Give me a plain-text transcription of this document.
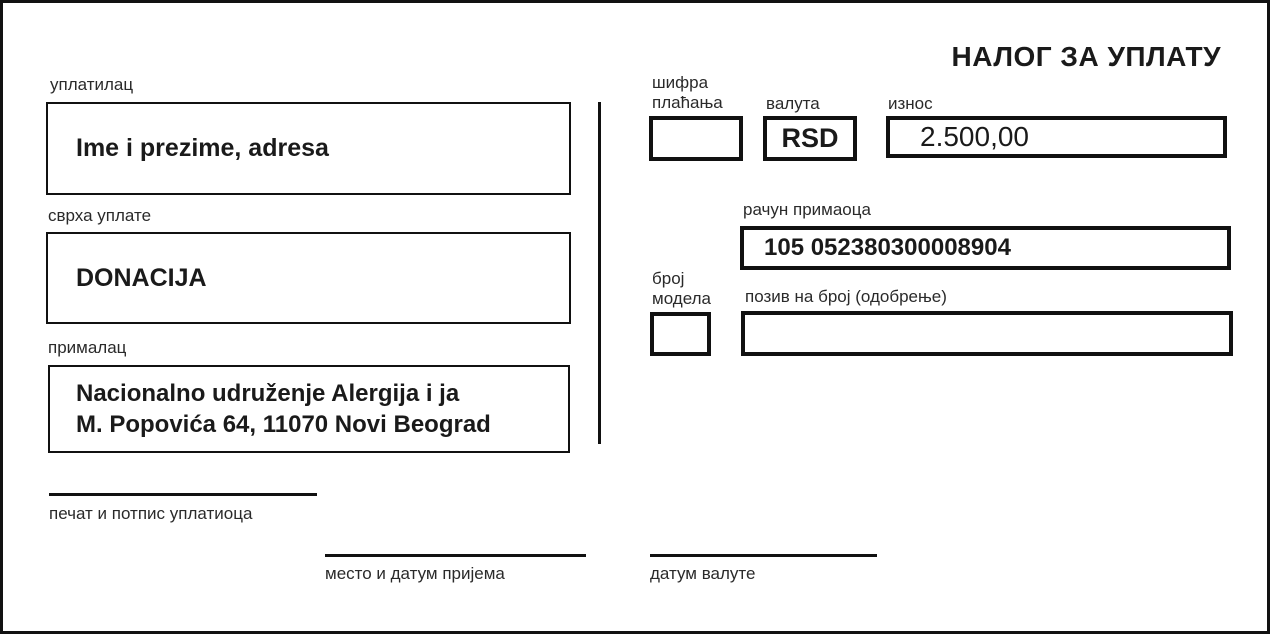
НАЛОГ ЗА УПЛАТУ
уплатилац
Ime i prezime, adresa
сврха уплате
DONACIJA
прималац
Nacionalno udruženje Alergija i ja
M. Popovića 64, 11070 Novi Beograd
печат и потпис уплатиоца
место и датум пријема	датум валуте
шифра
плаћања	валута
RSD
износ
2.500,00
рачун примаоца
105 052380300008904
број
модела позив на број (одобрење)
